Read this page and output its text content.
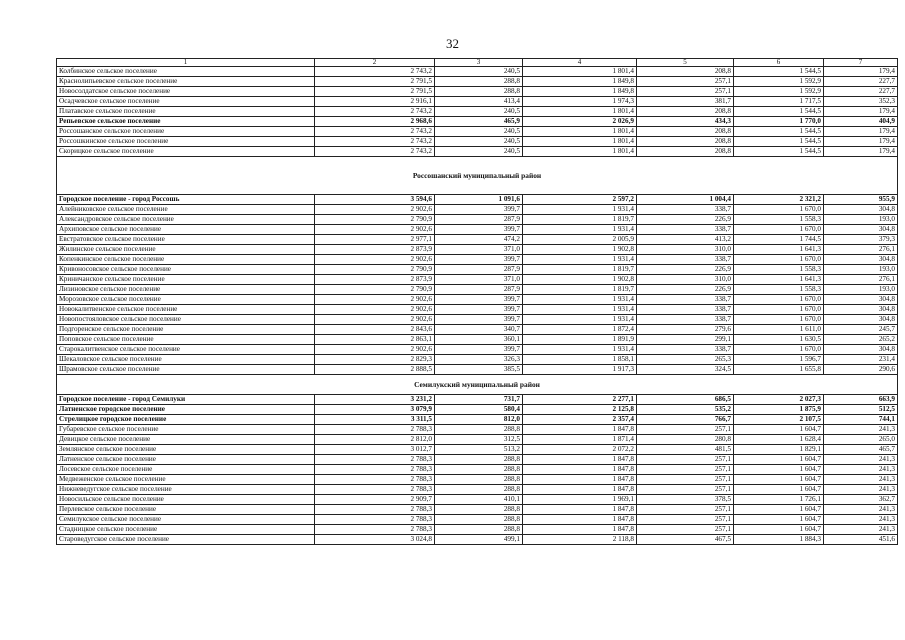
32
1	2	3	4	5	6	7
Колбинское сельское поселение	2 743,2	240,5	1 801,4	208,8	1 544,5	179,4
Краснолипьевское сельское поселение	2 791,5	288,8	1 849,8	257,1	1 592,9	227,7
Новосолдатское сельское поселение	2 791,5	288,8	1 849,8	257,1	1 592,9	227,7
Осадчевское сельское поселение	2 916,1	413,4	1 974,3	381,7	1 717,5	352,3
Платавское сельское поселение	2 743,2	240,5	1 801,4	208,8	1 544,5	179,4
Репьевское сельское поселение	2 968,6	465,9	2 026,9	434,3	1 770,0	404,9
Россошанское сельское поселение	2 743,2	240,5	1 801,4	208,8	1 544,5	179,4
Россошкинское сельское поселение	2 743,2	240,5	1 801,4	208,8	1 544,5	179,4
Скорицкое сельское поселение	2 743,2	240,5	1 801,4	208,8	1 544,5	179,4
Россошанский муниципальный район						
Городское поселение - город Россошь	3 594,6	1 091,6	2 597,2	1 004,4	2 321,2	955,9
Алейниковское сельское поселение	2 902,6	399,7	1 931,4	338,7	1 670,0	304,8
Александровское сельское поселение	2 790,9	287,9	1 819,7	226,9	1 558,3	193,0
Архиповское сельское поселение	2 902,6	399,7	1 931,4	338,7	1 670,0	304,8
Евстратовское сельское поселение	2 977,1	474,2	2 005,9	413,2	1 744,5	379,3
Жилинское сельское поселение	2 873,9	371,0	1 902,8	310,0	1 641,3	276,1
Копенкинское сельское поселение	2 902,6	399,7	1 931,4	338,7	1 670,0	304,8
Кривоносовское сельское поселение	2 790,9	287,9	1 819,7	226,9	1 558,3	193,0
Криничанское сельское поселение	2 873,9	371,0	1 902,8	310,0	1 641,3	276,1
Лизиновское сельское поселение	2 790,9	287,9	1 819,7	226,9	1 558,3	193,0
Морозовское сельское поселение	2 902,6	399,7	1 931,4	338,7	1 670,0	304,8
Новокалитвенское сельское поселение	2 902,6	399,7	1 931,4	338,7	1 670,0	304,8
Новопостояловское сельское поселение	2 902,6	399,7	1 931,4	338,7	1 670,0	304,8
Подгоренское сельское поселение	2 843,6	340,7	1 872,4	279,6	1 611,0	245,7
Поповское сельское поселение	2 863,1	360,1	1 891,9	299,1	1 630,5	265,2
Старокалитвенское сельское поселение	2 902,6	399,7	1 931,4	338,7	1 670,0	304,8
Шекаловское сельское поселение	2 829,3	326,3	1 858,1	265,3	1 596,7	231,4
Шрамовское сельское поселение	2 888,5	385,5	1 917,3	324,5	1 655,8	290,6
Семилукский муниципальный район						
Городское поселение - город Семилуки	3 231,2	731,7	2 277,1	686,5	2 027,3	663,9
Латненское городское поселение	3 079,9	580,4	2 125,8	535,2	1 875,9	512,5
Стрелицкое городское поселение	3 311,5	812,0	2 357,4	766,7	2 107,5	744,1
Губаревское сельское поселение	2 788,3	288,8	1 847,8	257,1	1 604,7	241,3
Девицкое сельское поселение	2 812,0	312,5	1 871,4	280,8	1 628,4	265,0
Землянское сельское поселение	3 012,7	513,2	2 072,2	481,5	1 829,1	465,7
Латненское сельское поселение	2 788,3	288,8	1 847,8	257,1	1 604,7	241,3
Лосевское сельское поселение	2 788,3	288,8	1 847,8	257,1	1 604,7	241,3
Медвеженское сельское поселение	2 788,3	288,8	1 847,8	257,1	1 604,7	241,3
Нижневедугское сельское поселение	2 788,3	288,8	1 847,8	257,1	1 604,7	241,3
Новосильское сельское поселение	2 909,7	410,1	1 969,1	378,5	1 726,1	362,7
Перлевское сельское поселение	2 788,3	288,8	1 847,8	257,1	1 604,7	241,3
Семилукское сельское поселение	2 788,3	288,8	1 847,8	257,1	1 604,7	241,3
Стадницкое сельское поселение	2 788,3	288,8	1 847,8	257,1	1 604,7	241,3
Староведугское сельское поселение	3 024,8	499,1	2 118,8	467,5	1 884,3	451,6
